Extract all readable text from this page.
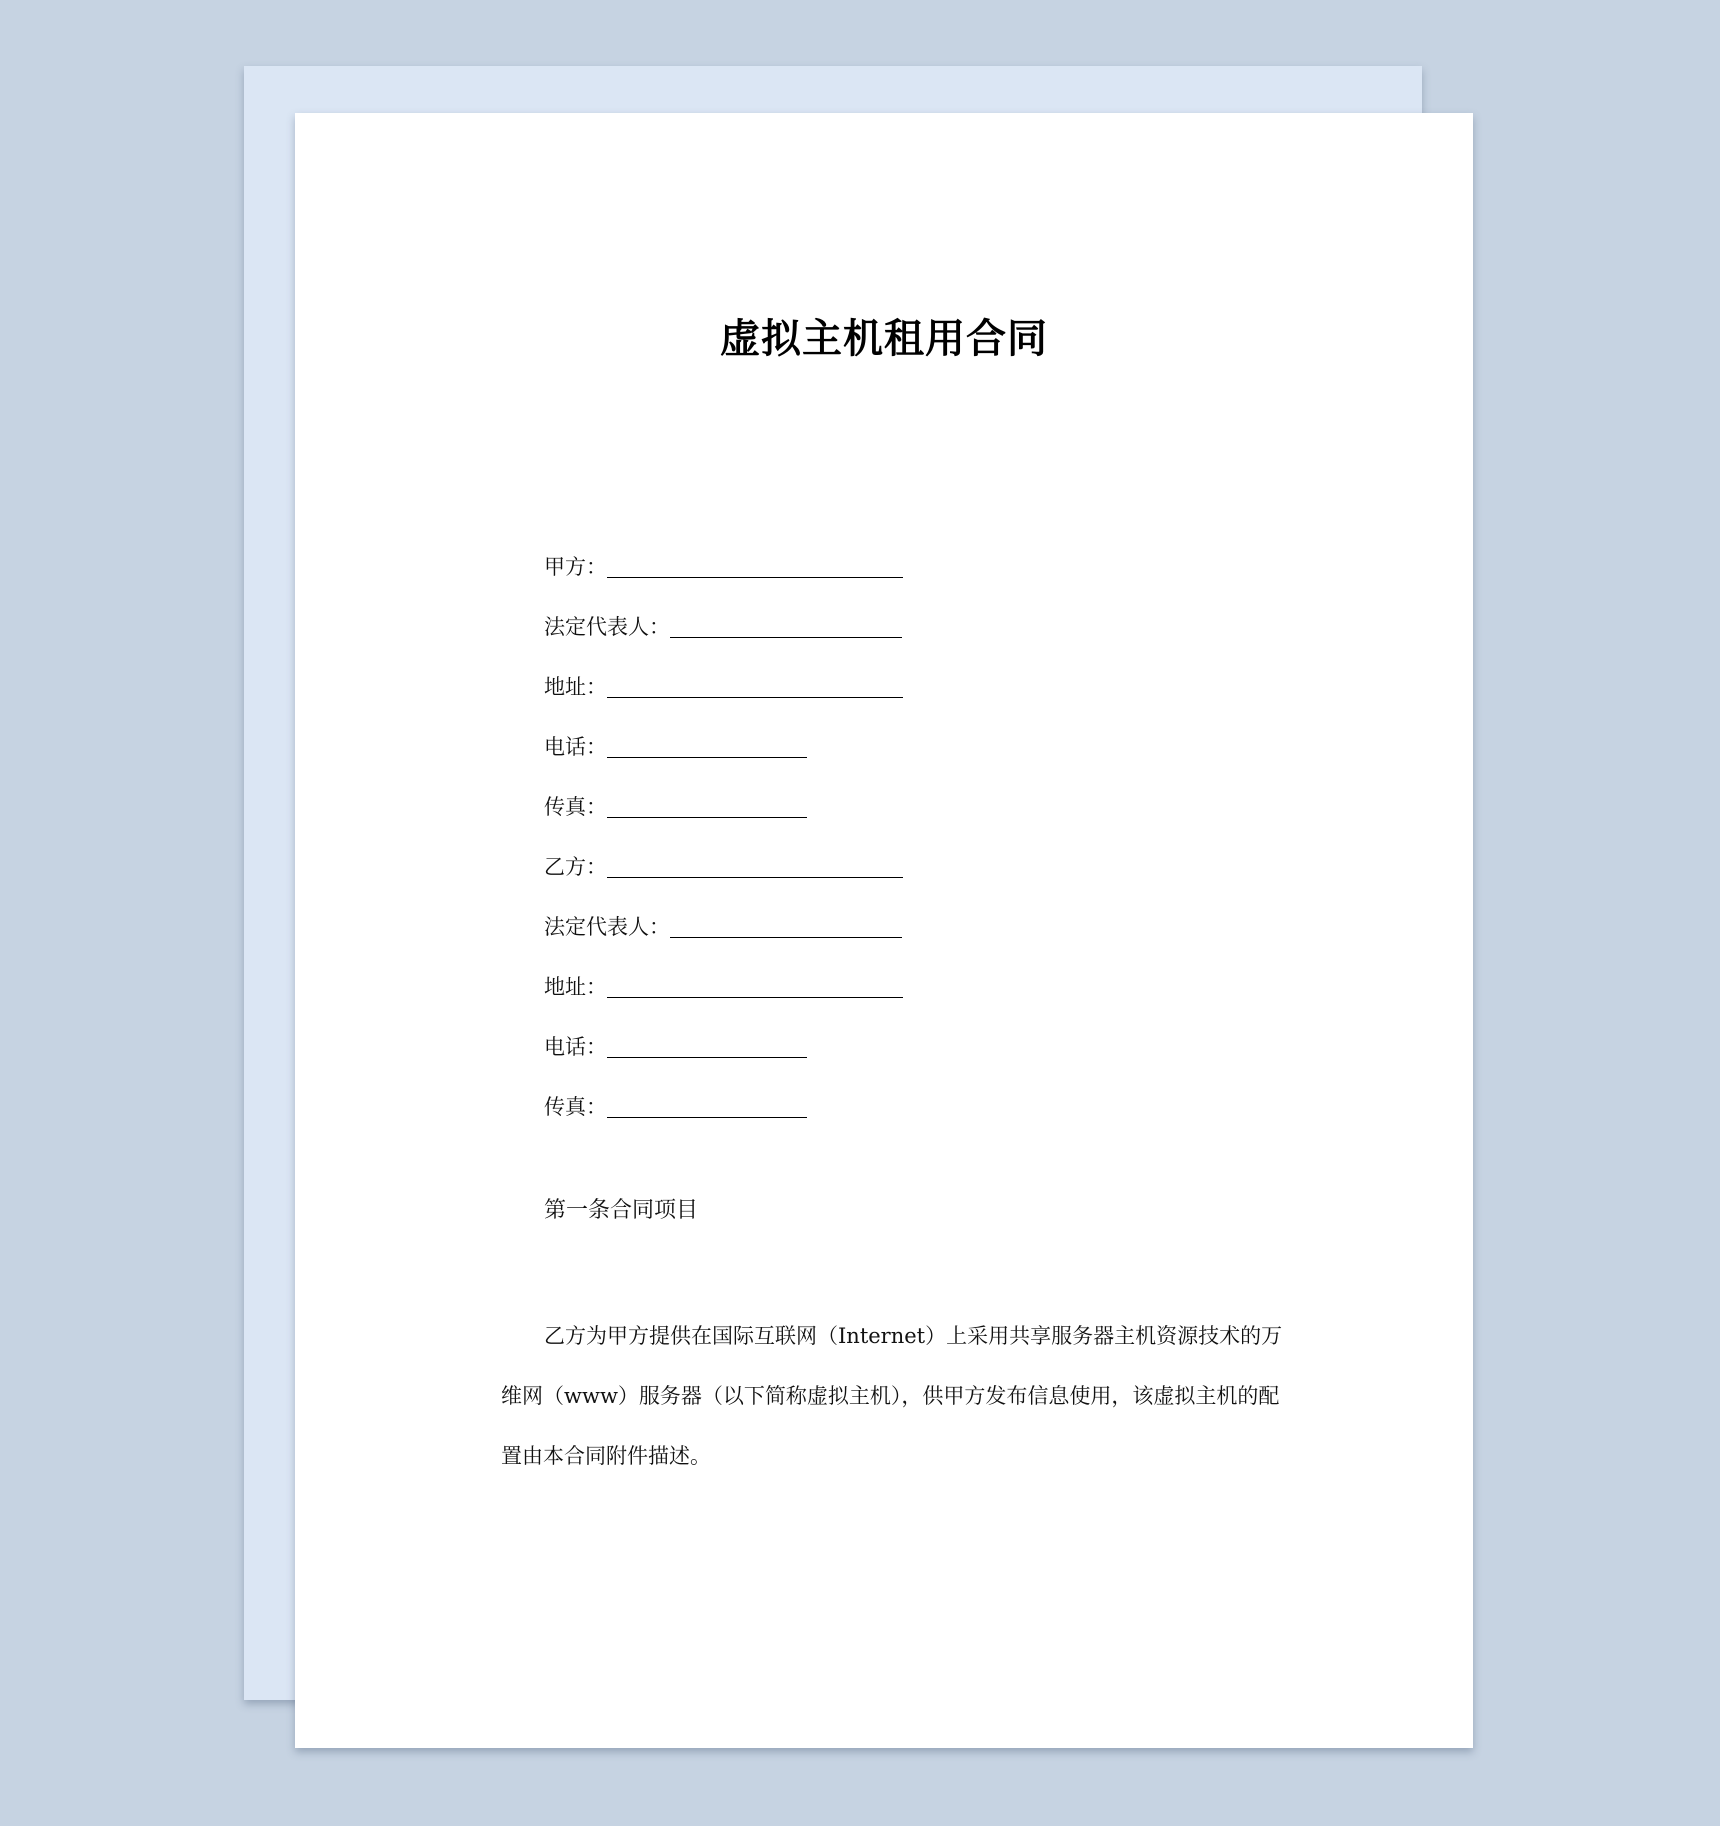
虚拟主机租用合同
甲方：
法定代表人：
地址：
电话：
传真：
乙方：
法定代表人：
地址：
电话：
传真：
第一条合同项目

乙方为甲方提供在国际互联网（Internet）上采用共享服务器主机资源技术的万
维网（www）服务器（以下简称虚拟主机），供甲方发布信息使用，该虚拟主机的配
置由本合同附件描述。
